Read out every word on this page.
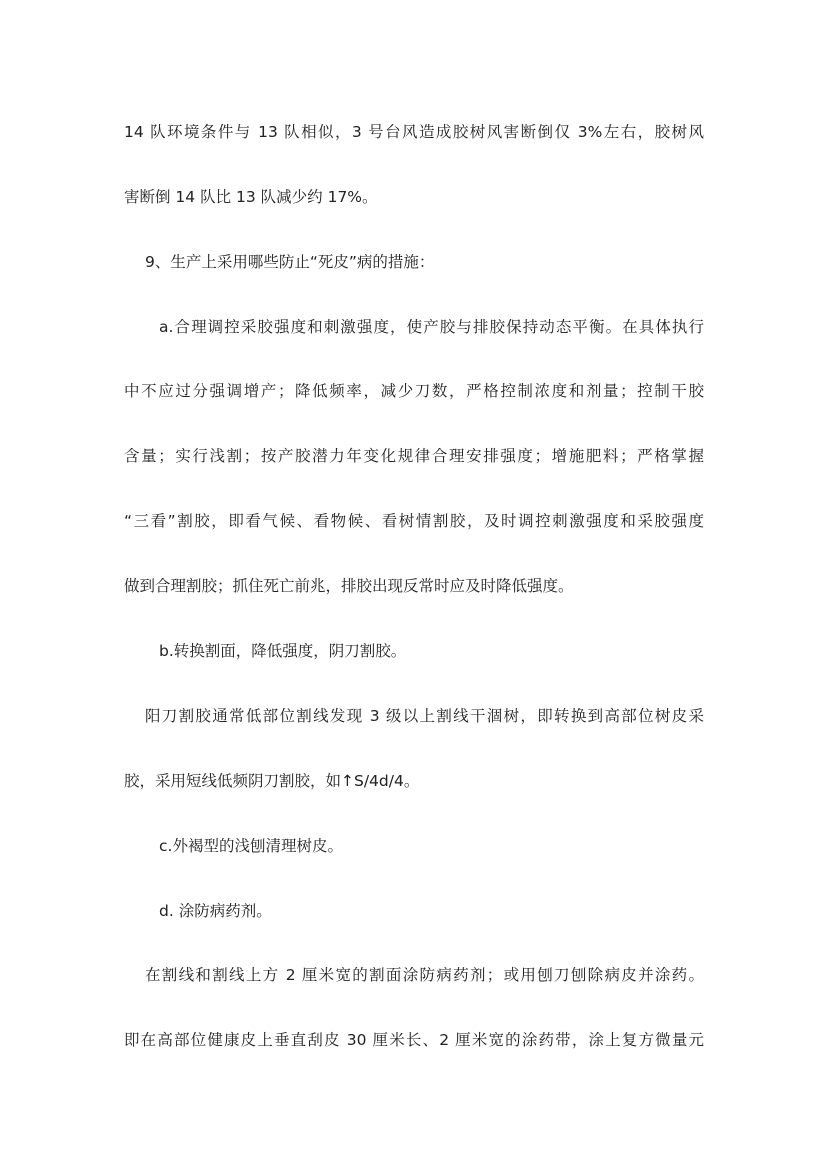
14 队环境条件与 13 队相似，3 号台风造成胶树风害断倒仅 3%左右，胶树风
害断倒 14 队比 13 队减少约 17%。
9、生产上采用哪些防止“死皮”病的措施：
a.合理调控采胶强度和刺激强度，使产胶与排胶保持动态平衡。在具体执行
中不应过分强调增产；降低频率，减少刀数，严格控制浓度和剂量；控制干胶
含量；实行浅割；按产胶潜力年变化规律合理安排强度；增施肥料；严格掌握
“三看”割胶，即看气候、看物候、看树情割胶，及时调控刺激强度和采胶强度
做到合理割胶；抓住死亡前兆，排胶出现反常时应及时降低强度。
b.转换割面，降低强度，阴刀割胶。
阳刀割胶通常低部位割线发现 3 级以上割线干涸树，即转换到高部位树皮采
胶，采用短线低频阴刀割胶，如↑S/4d/4。
c.外褐型的浅刨清理树皮。
d. 涂防病药剂。
在割线和割线上方 2 厘米宽的割面涂防病药剂；或用刨刀刨除病皮并涂药。
即在高部位健康皮上垂直刮皮 30 厘米长、2 厘米宽的涂药带，涂上复方微量元
